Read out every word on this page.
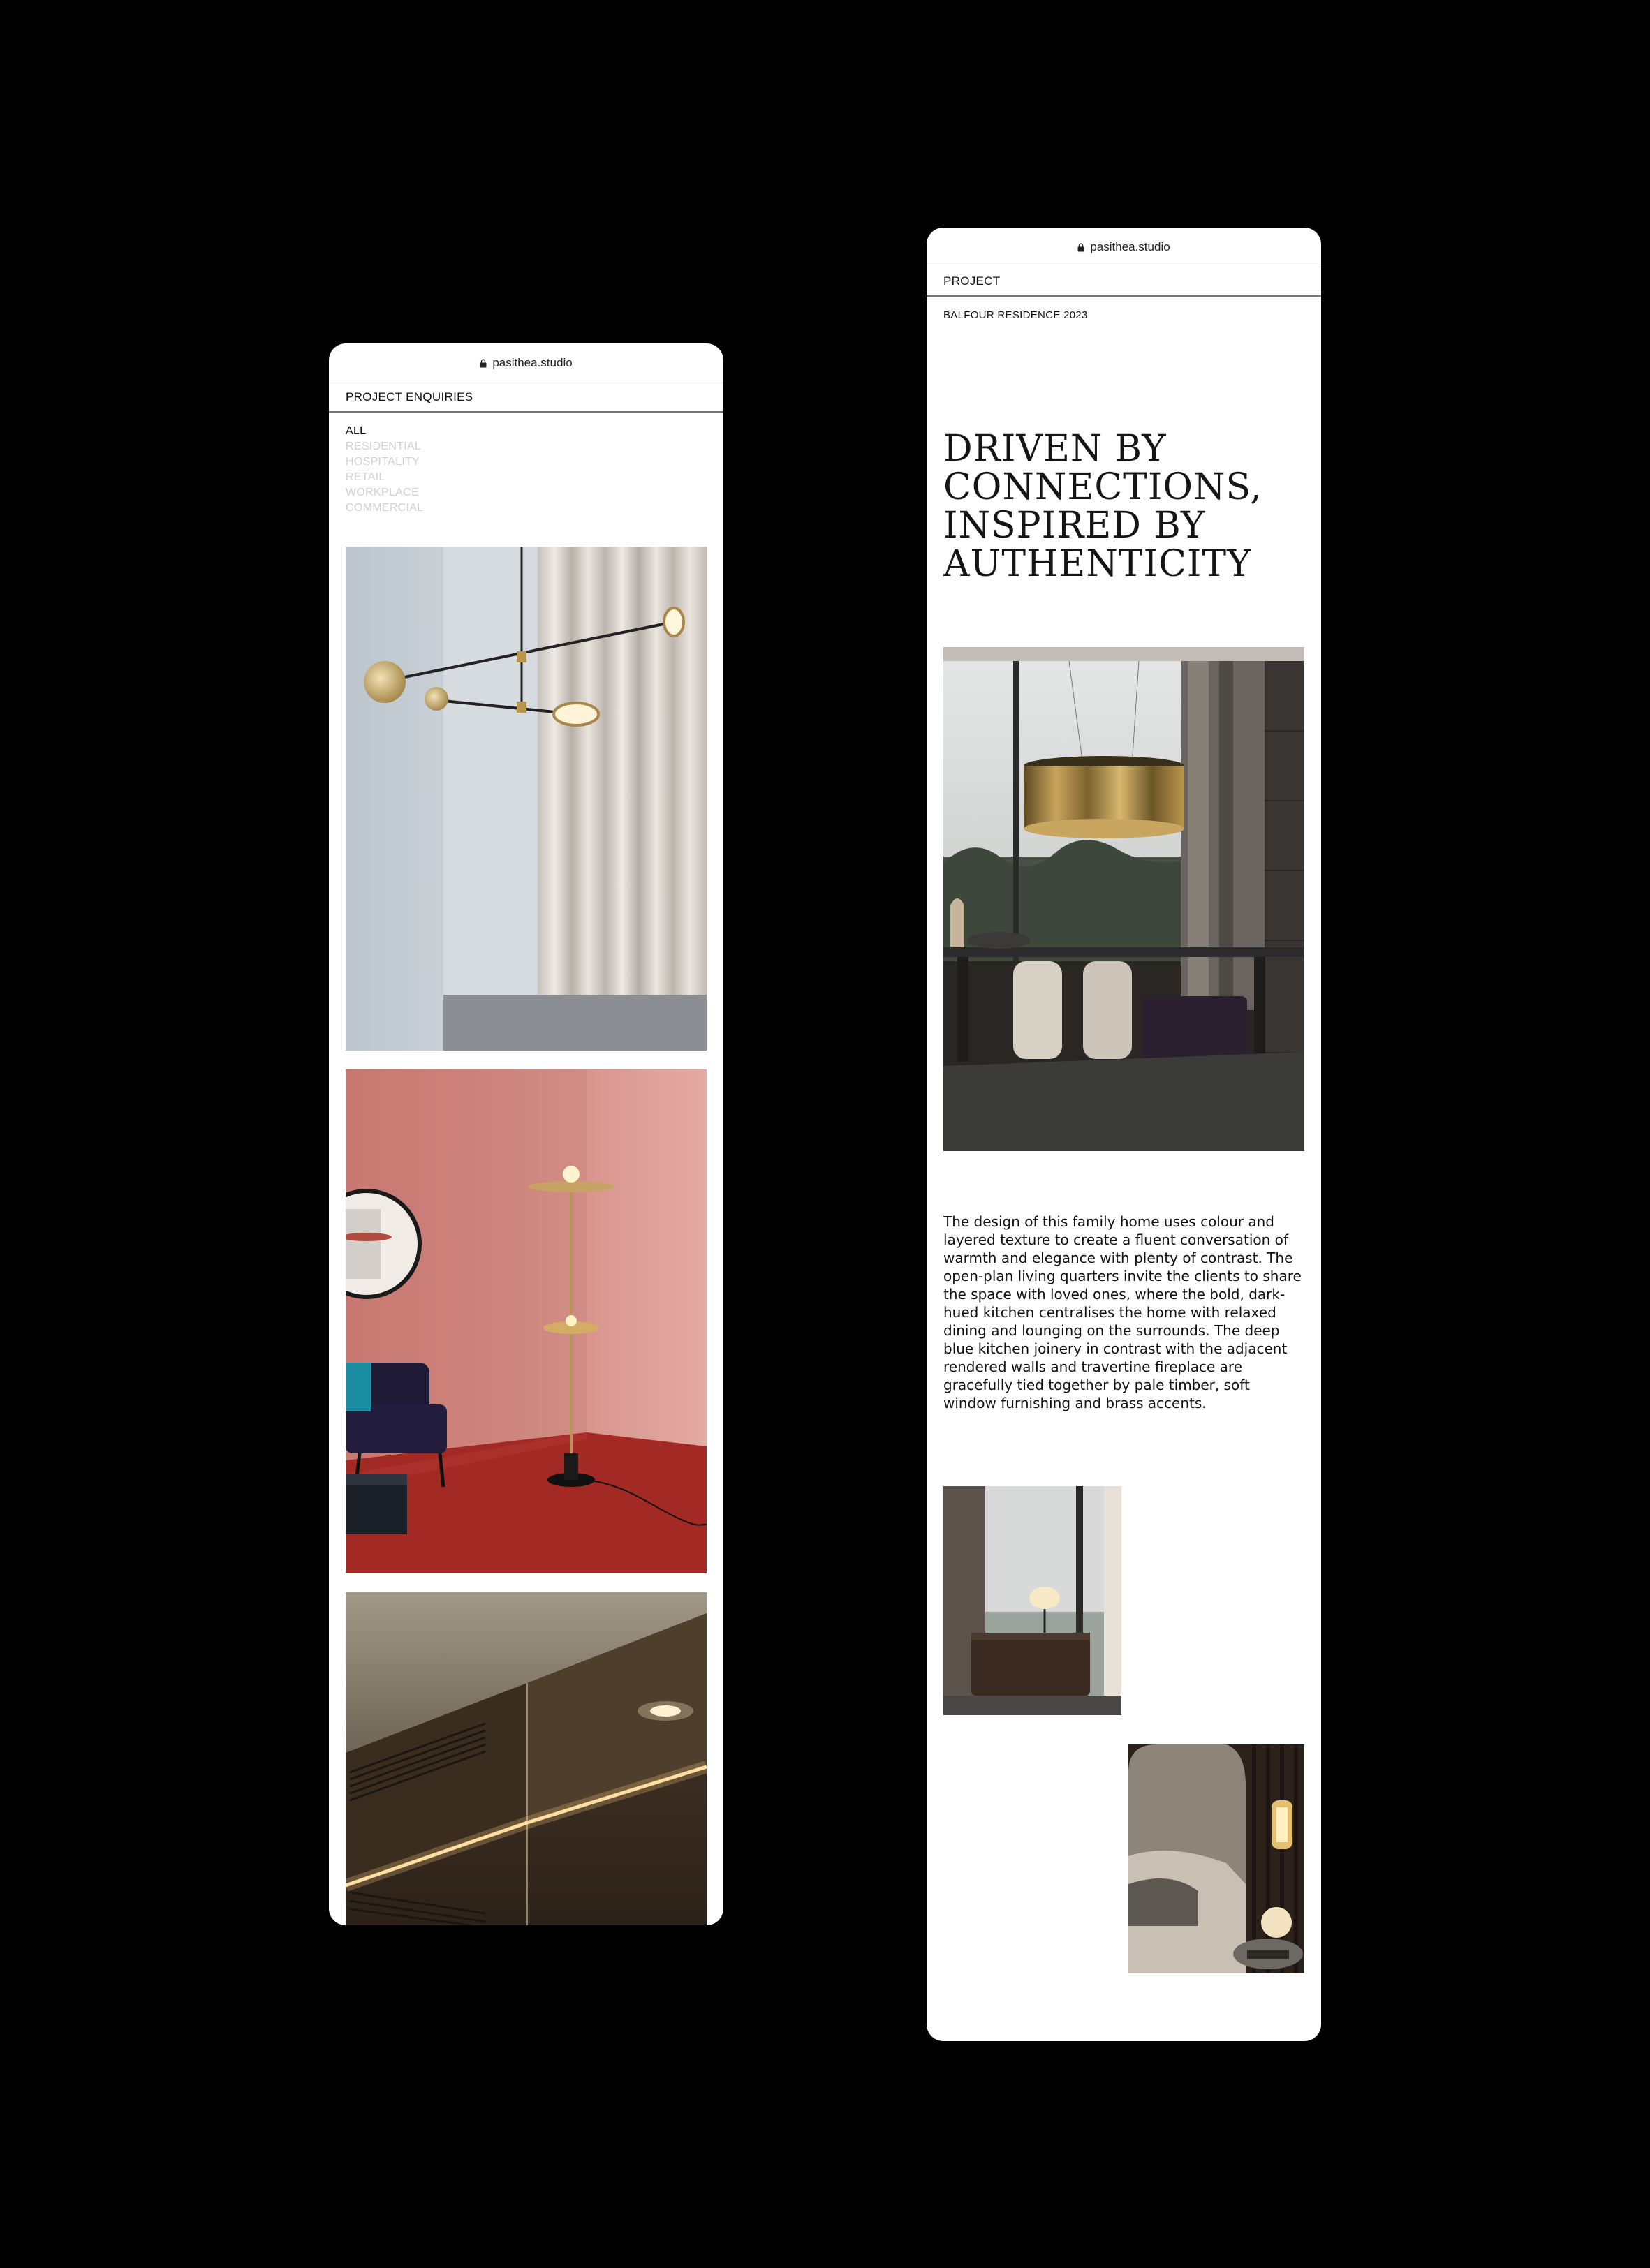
pasithea.studio
PROJECT ENQUIRIES
ALL
RESIDENTIAL
HOSPITALITY
RETAIL
WORKPLACE
COMMERCIAL
pasithea.studio
PROJECT
BALFOUR RESIDENCE 2023
DRIVEN BY CONNECTIONS, INSPIRED BY AUTHENTICITY
The design of this family home uses colour and layered texture to create a fluent conversation of warmth and elegance with plenty of contrast. The open-plan living quarters invite the clients to share the space with loved ones, where the bold, dark-hued kitchen centralises the home with relaxed dining and lounging on the surrounds. The deep blue kitchen joinery in contrast with the adjacent rendered walls and travertine fireplace are gracefully tied together by pale timber, soft window furnishing and brass accents.
